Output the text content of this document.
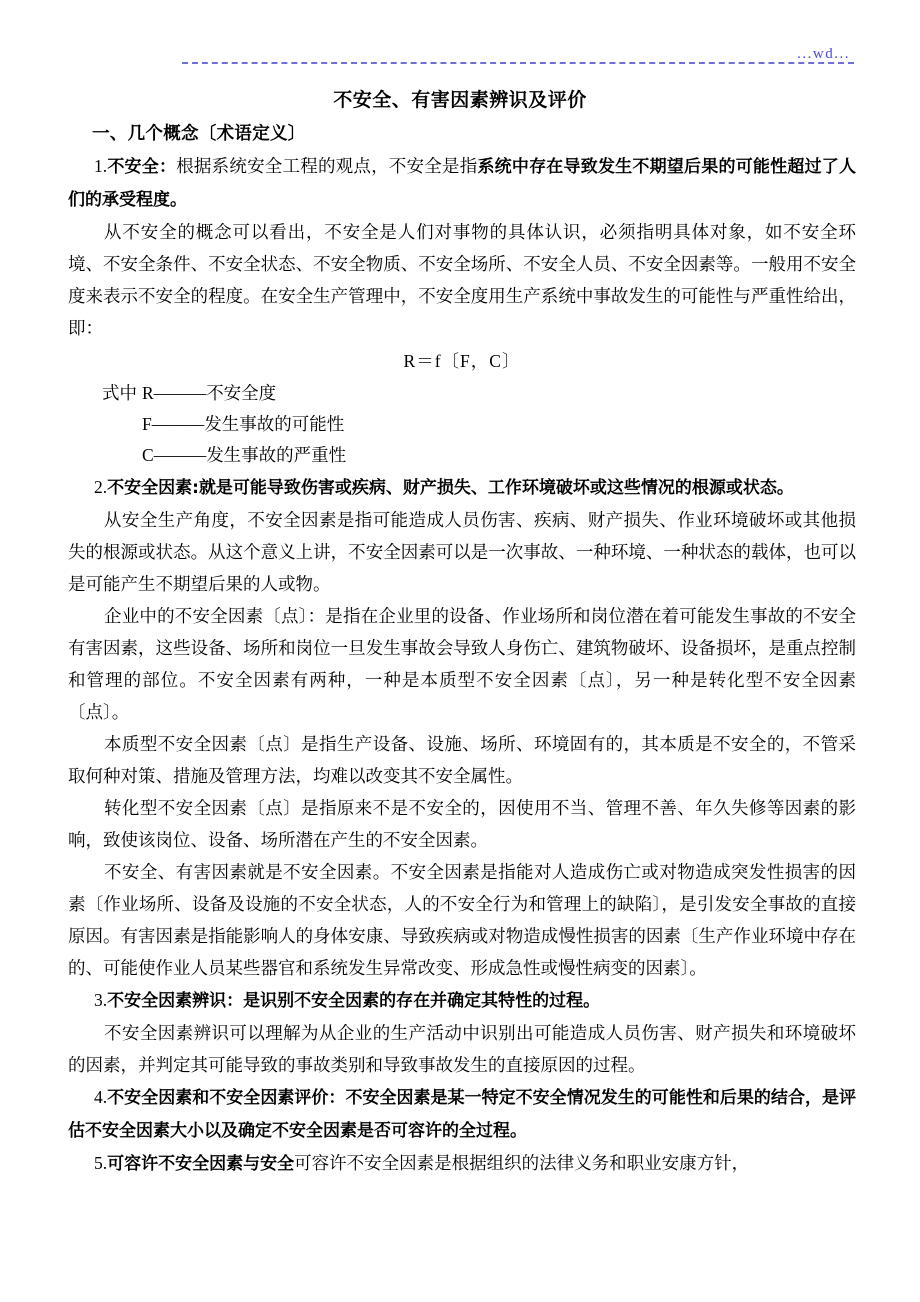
...wd...
不安全、有害因素辨识及评价

一、几个概念〔术语定义〕

1.不安全：根据系统安全工程的观点，不安全是指系统中存在导致发生不期望后果的可能性超过了人们的承受程度。

从不安全的概念可以看出，不安全是人们对事物的具体认识，必须指明具体对象，如不安全环境、不安全条件、不安全状态、不安全物质、不安全场所、不安全人员、不安全因素等。一般用不安全度来表示不安全的程度。在安全生产管理中，不安全度用生产系统中事故发生的可能性与严重性给出，即：

R＝f〔F，C〕

式中 R———不安全度

F———发生事故的可能性

C———发生事故的严重性

2.不安全因素:就是可能导致伤害或疾病、财产损失、工作环境破坏或这些情况的根源或状态。

从安全生产角度，不安全因素是指可能造成人员伤害、疾病、财产损失、作业环境破坏或其他损失的根源或状态。从这个意义上讲，不安全因素可以是一次事故、一种环境、一种状态的载体，也可以是可能产生不期望后果的人或物。

企业中的不安全因素〔点〕：是指在企业里的设备、作业场所和岗位潜在着可能发生事故的不安全有害因素，这些设备、场所和岗位一旦发生事故会导致人身伤亡、建筑物破坏、设备损坏，是重点控制和管理的部位。不安全因素有两种，一种是本质型不安全因素〔点〕，另一种是转化型不安全因素〔点〕。

本质型不安全因素〔点〕是指生产设备、设施、场所、环境固有的，其本质是不安全的，不管采取何种对策、措施及管理方法，均难以改变其不安全属性。

转化型不安全因素〔点〕是指原来不是不安全的，因使用不当、管理不善、年久失修等因素的影响，致使该岗位、设备、场所潜在产生的不安全因素。

不安全、有害因素就是不安全因素。不安全因素是指能对人造成伤亡或对物造成突发性损害的因素〔作业场所、设备及设施的不安全状态，人的不安全行为和管理上的缺陷〕，是引发安全事故的直接原因。有害因素是指能影响人的身体安康、导致疾病或对物造成慢性损害的因素〔生产作业环境中存在的、可能使作业人员某些器官和系统发生异常改变、形成急性或慢性病变的因素〕。

3.不安全因素辨识：是识别不安全因素的存在并确定其特性的过程。

不安全因素辨识可以理解为从企业的生产活动中识别出可能造成人员伤害、财产损失和环境破坏的因素，并判定其可能导致的事故类别和导致事故发生的直接原因的过程。

4.不安全因素和不安全因素评价：不安全因素是某一特定不安全情况发生的可能性和后果的结合，是评估不安全因素大小以及确定不安全因素是否可容许的全过程。

5.可容许不安全因素与安全可容许不安全因素是根据组织的法律义务和职业安康方针，
